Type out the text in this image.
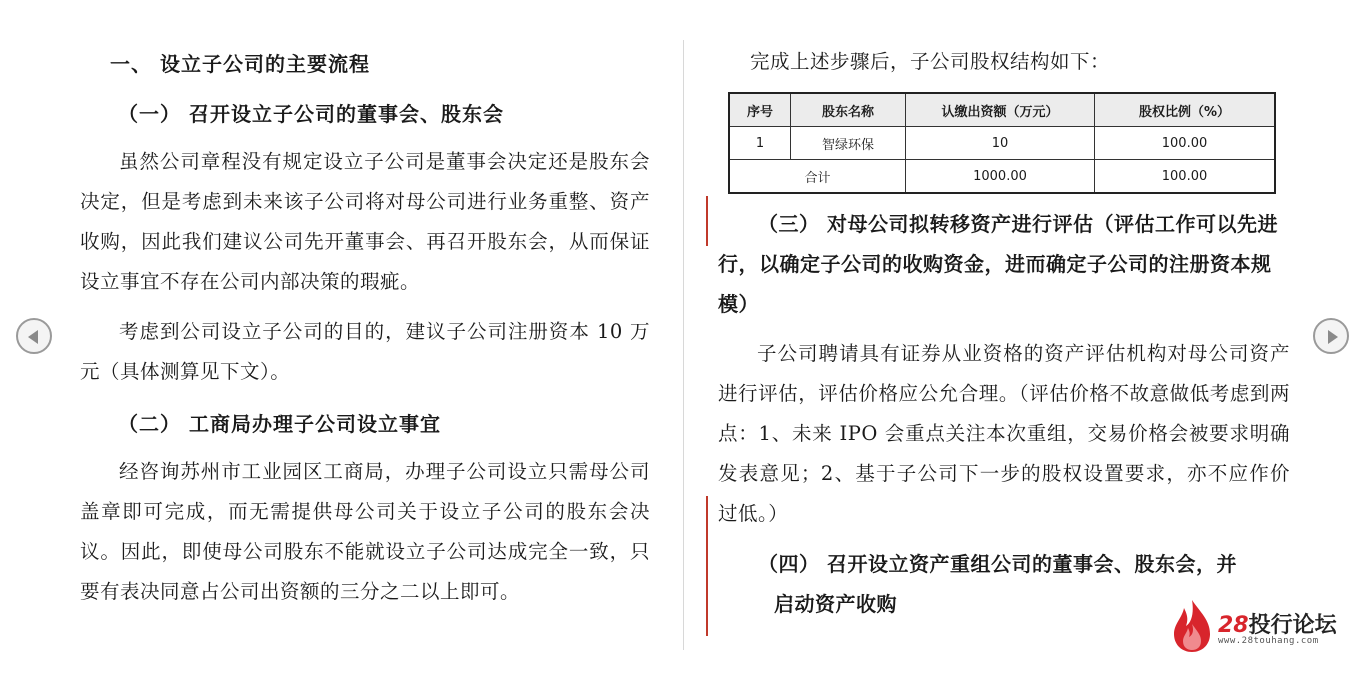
一、 设立子公司的主要流程
（一） 召开设立子公司的董事会、股东会
虽然公司章程没有规定设立子公司是董事会决定还是股东会决定，但是考虑到未来该子公司将对母公司进行业务重整、资产收购，因此我们建议公司先开董事会、再召开股东会，从而保证设立事宜不存在公司内部决策的瑕疵。
考虑到公司设立子公司的目的，建议子公司注册资本 10 万元（具体测算见下文）。
（二） 工商局办理子公司设立事宜
经咨询苏州市工业园区工商局，办理子公司设立只需母公司盖章即可完成，而无需提供母公司关于设立子公司的股东会决议。因此，即使母公司股东不能就设立子公司达成完全一致，只要有表决同意占公司出资额的三分之二以上即可。
完成上述步骤后，子公司股权结构如下：
序号	股东名称	认缴出资额（万元）	股权比例（%）
1	智绿环保	10	100.00
合计		1000.00	100.00
（三） 对母公司拟转移资产进行评估（评估工作可以先进行，以确定子公司的收购资金，进而确定子公司的注册资本规模）
子公司聘请具有证券从业资格的资产评估机构对母公司资产进行评估，评估价格应公允合理。（评估价格不故意做低考虑到两点：1、未来 IPO 会重点关注本次重组，交易价格会被要求明确发表意见；2、基于子公司下一步的股权设置要求，亦不应作价过低。）
（四） 召开设立资产重组公司的董事会、股东会，并
启动资产收购
28投行论坛
www.28touhang.com
